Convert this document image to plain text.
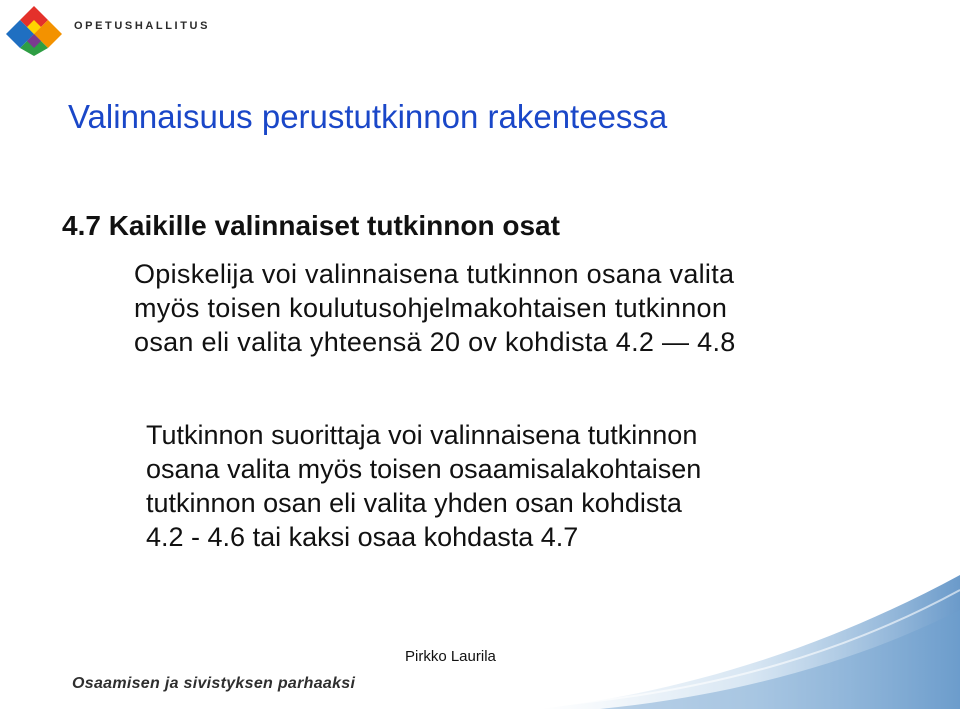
OPETUSHALLITUS
Valinnaisuus perustutkinnon rakenteessa
4.7 Kaikille valinnaiset tutkinnon osat
Opiskelija voi valinnaisena tutkinnon osana valita
myös toisen koulutusohjelmakohtaisen tutkinnon
osan eli valita yhteensä 20 ov kohdista 4.2 — 4.8
Tutkinnon suorittaja voi valinnaisena tutkinnon
osana valita myös toisen osaamisalakohtaisen
tutkinnon osan eli valita yhden osan kohdista
4.2 - 4.6 tai kaksi osaa kohdasta 4.7
Pirkko Laurila
Osaamisen ja sivistyksen parhaaksi
